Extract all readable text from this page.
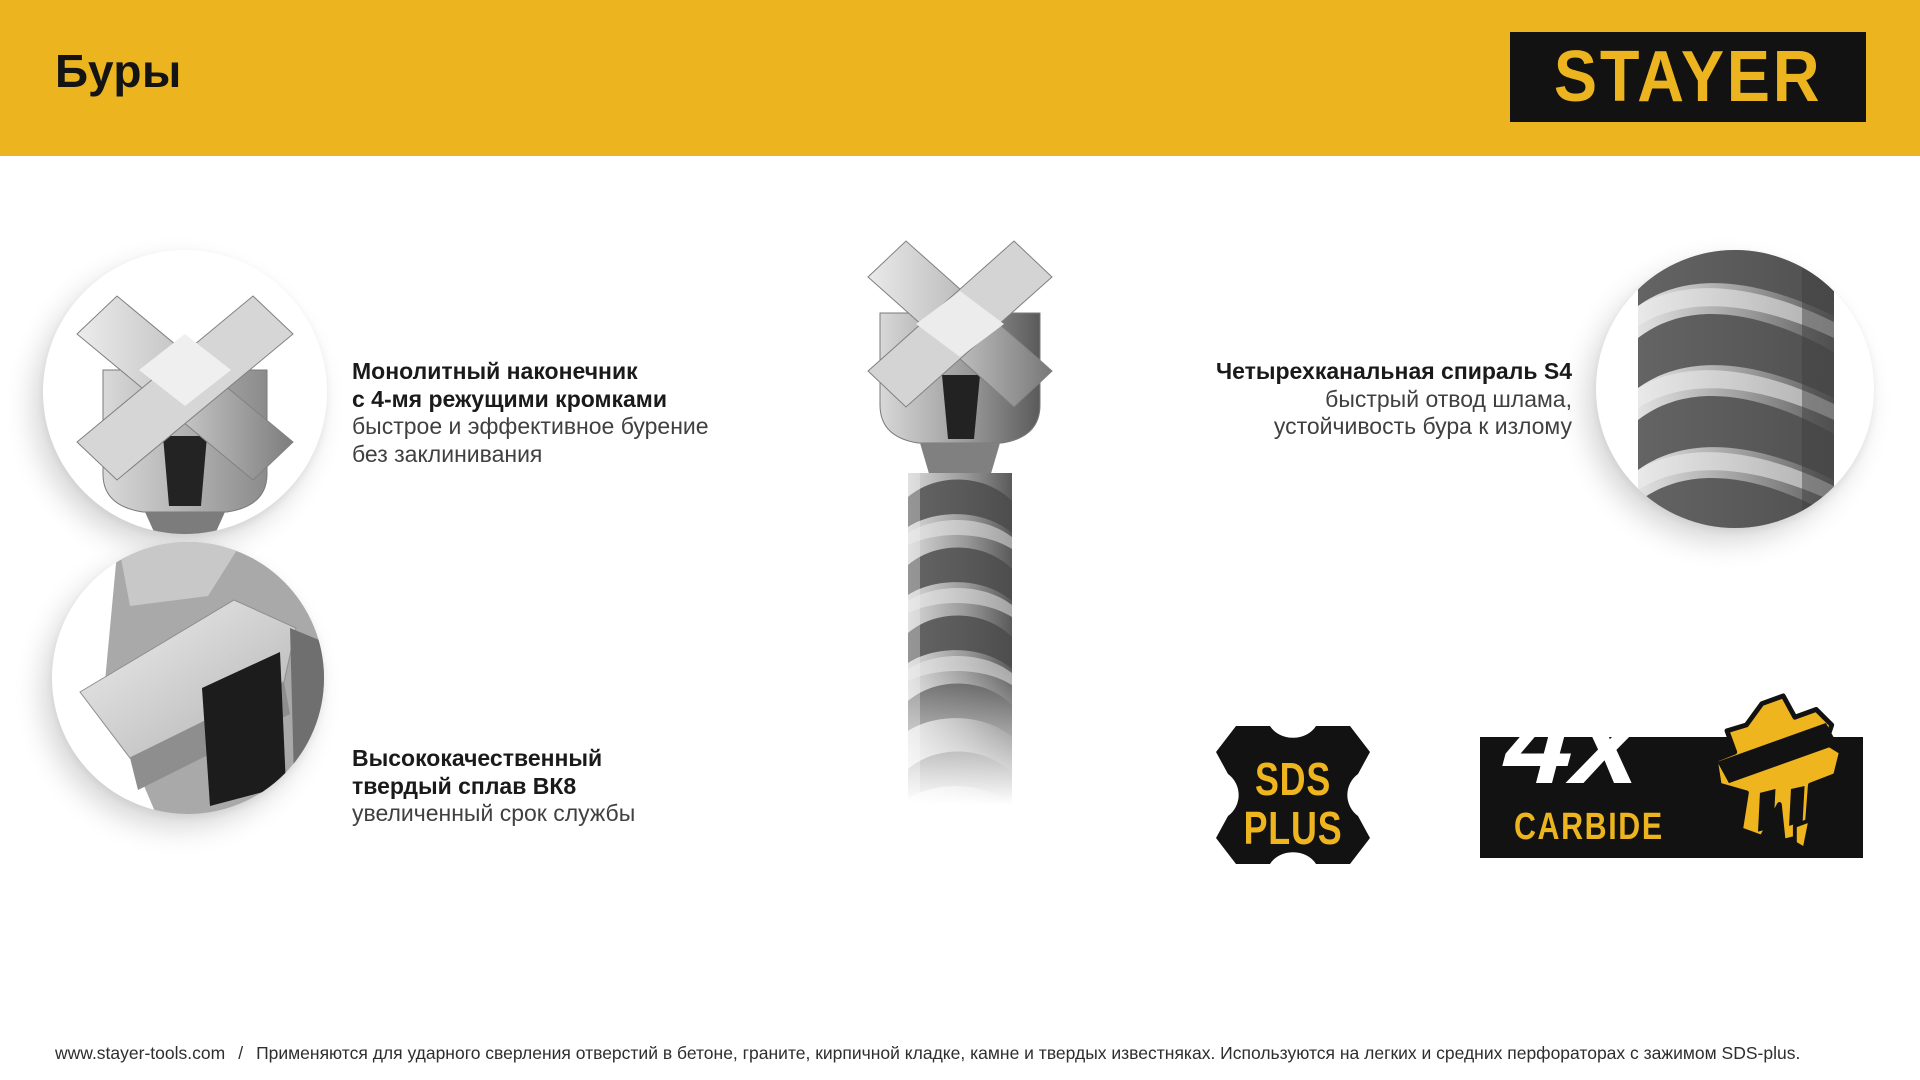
Буры	STAYER
Монолитный наконечник
с 4-мя режущими кромками
быстрое и эффективное бурение
без заклинивания
Высококачественный
твердый сплав ВК8
увеличенный срок службы
Четырехканальная спираль S4
быстрый отвод шлама,
устойчивость бура к излому
SDS
PLUS
4x
CARBIDE
www.stayer-tools.com / Применяются для ударного сверления отверстий в бетоне, граните, кирпичной кладке, камне и твердых известняках. Используются на легких и средних перфораторах с зажимом SDS-plus.
